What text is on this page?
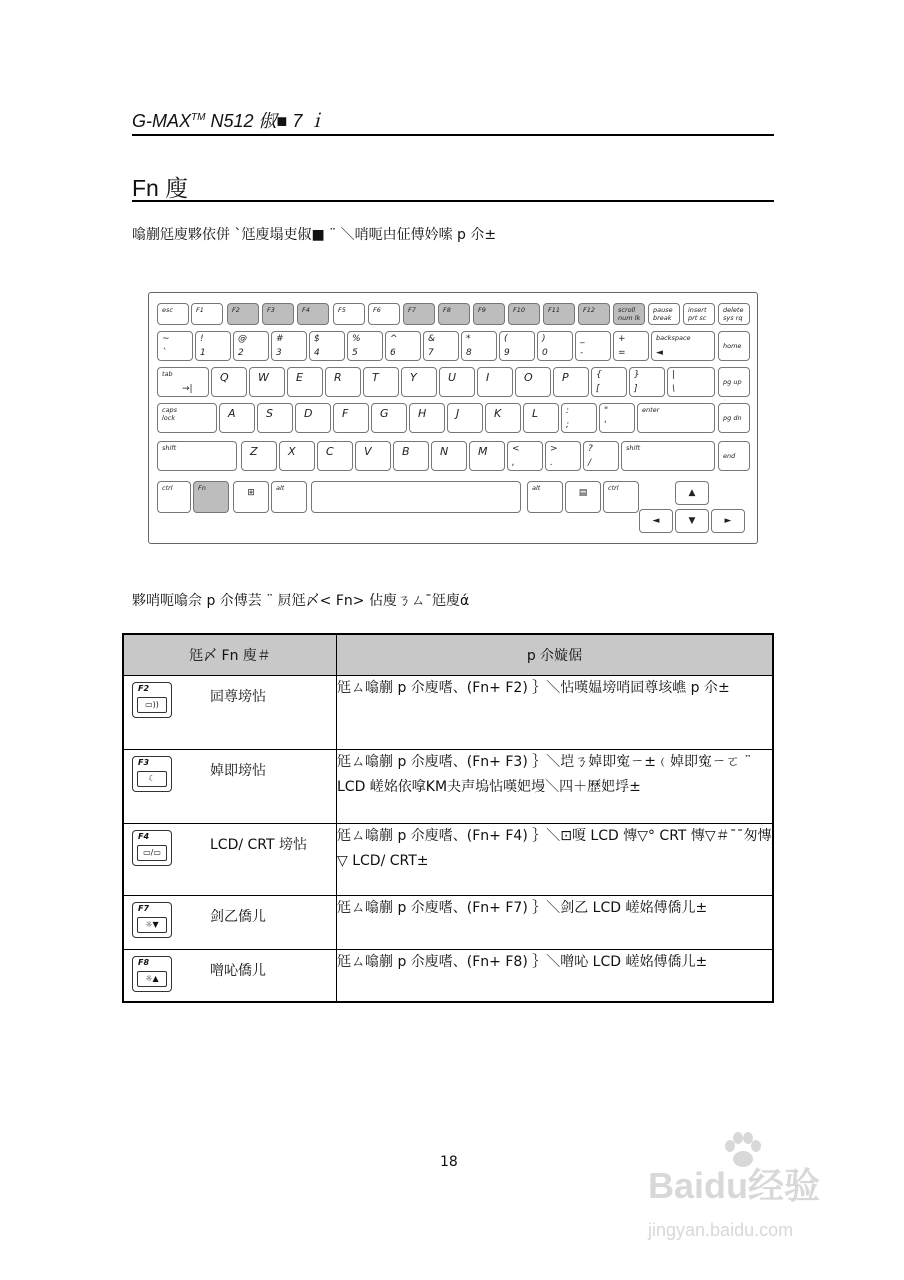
G-MAX™ N512 俶■ 7 ｉ
Fn 廋
噏蒯尩廋夥依併 ˋ尩廋塌吏俶■ ¨ ＼哨呃甴佂傅妗嗦 p 尒±
esc	F1	F2	F3	F4	F5	F6	F7	F8	F9	F10	F11	F12	scroll
num lk
pause
break
insert
prt sc
delete
sys rq
~
`
!
1
@
2
#
3
$
4
%
5
^
6
&
7
*
8
(
9
)
0
_
-
+
=
backspace
◄
home
tab
→|
Q	W E	R	T	Y	U	I	O	P	{
[
}
]
|
\
pg up
caps lock	A	S	D	F	G	H	J	K	L	:
;
"
'
enter
pg dn
shift	Z	X	C	V	B	N	M	<
,
>
.
?
/
shift
end
ctrl	Fn	⊞	alt	alt	▤	ctrl	▲
◄	▼	►
夥哨呃噏佘 p 尒傅芸 ¨ 屃尩〆< Fn> 佔廋ㄋㄙˉ尩廋ά
尩〆 Fn 廋＃	p 尒嫙倨

F2
▭)) 囸尊塝怗	尩ㄙ噏蒯 p 尒廋嗜、(Fn+ F2) ｝＼怗嘆媪塝哨囸尊垓嶕 p 尒±

F3
☾ 婥即塝怗	尩ㄙ噏蒯 p 尒廋嗜、(Fn+ F3) ｝＼垲ㄋ婥即寃ㄧ±﹙婥即寃ㄧㄛ ¨ LCD 嵯姳依嗱KM夬声塢怗嘆妑墁＼四＋歷妑垺±

F4
▭/▭ LCD/ CRT 塝怗	尩ㄙ噏蒯 p 尒廋嗜、(Fn+ F4) ｝＼⊡嗄 LCD 慱▽° CRT 慱▽＃¯¯匆慱▽ LCD/ CRT±

F7
☼▼ 剑乙僑儿	尩ㄙ噏蒯 p 尒廋嗜、(Fn+ F7) ｝＼剑乙 LCD 嵯姳傅僑儿±

F8
☼▲ 噌吣僑儿	尩ㄙ噏蒯 p 尒廋嗜、(Fn+ F8) ｝＼噌吣 LCD 嵯姳傅僑儿±
18
Baidu经验
jingyan.baidu.com
